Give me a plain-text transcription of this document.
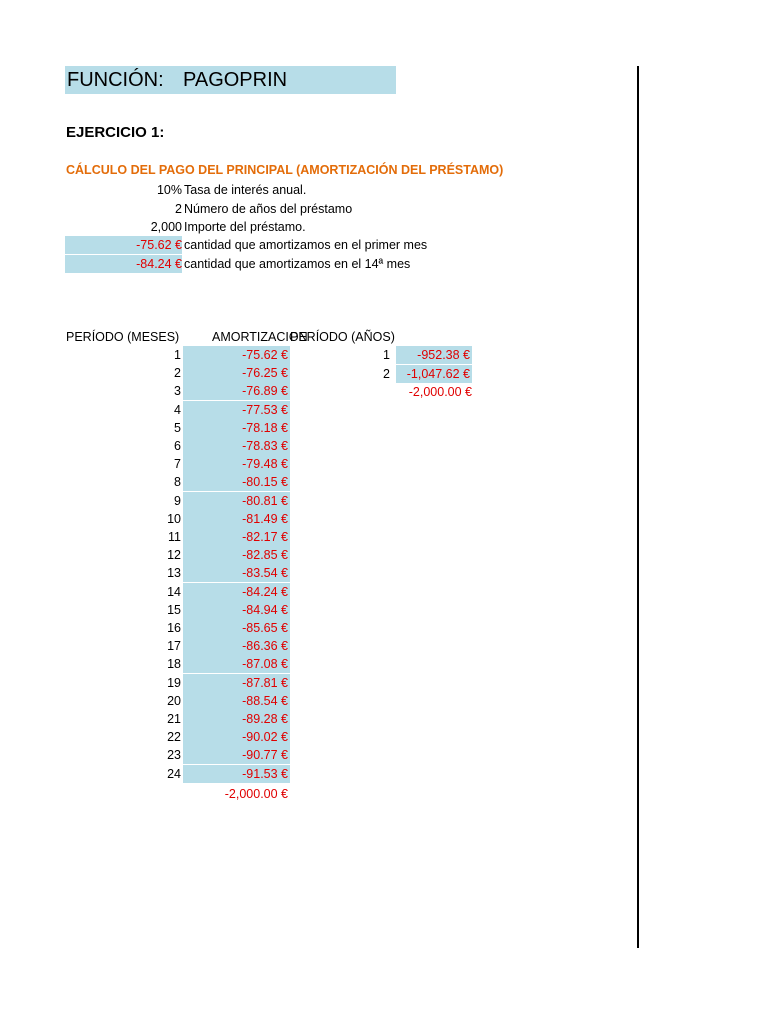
FUNCIÓN:

PAGOPRIN

EJERCICIO 1:
CÁLCULO DEL PAGO DEL PRINCIPAL (AMORTIZACIÓN DEL PRÉSTAMO)
10% Tasa de interés anual.
2 Número de años del préstamo
2,000 Importe del préstamo.
-75.62 € cantidad que amortizamos en el primer mes
-84.24 € cantidad que amortizamos en el 14ª mes
PERÍODO (MESES)	AMORTIZACION
PERÍODO (AÑOS)
1	-75.62 €
2	-76.25 €
3	-76.89 €
4	-77.53 €
5	-78.18 €
6	-78.83 €
7	-79.48 €
8	-80.15 €
9	-80.81 €
10	-81.49 €
11	-82.17 €
12	-82.85 €
13	-83.54 €
14	-84.24 €
15	-84.94 €
16	-85.65 €
17	-86.36 €
18	-87.08 €
19	-87.81 €
20	-88.54 €
21	-89.28 €
22	-90.02 €
23	-90.77 €
24	-91.53 €
-2,000.00 €
1	-952.38 €
2	-1,047.62 €
-2,000.00 €
